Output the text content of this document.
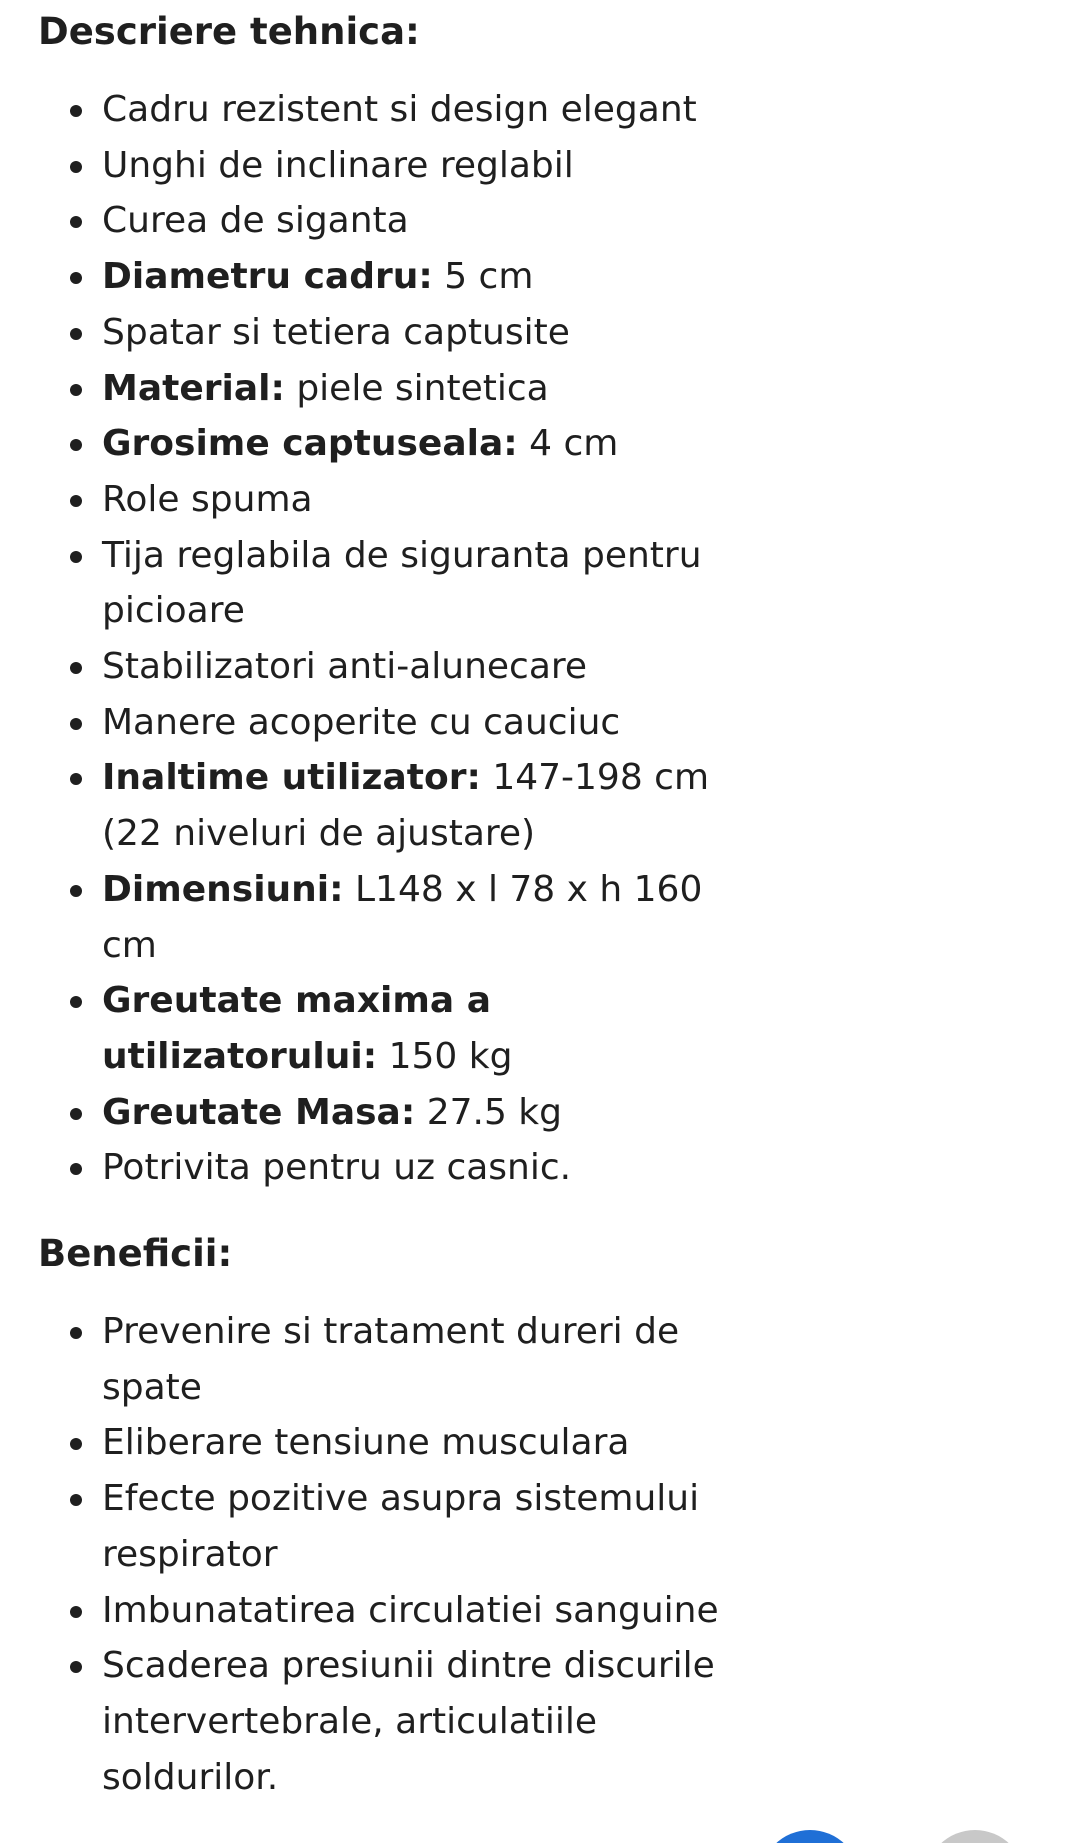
Descriere tehnica:
Cadru rezistent si design elegant
Unghi de inclinare reglabil
Curea de siganta
Diametru cadru: 5 cm
Spatar si tetiera captusite
Material: piele sintetica
Grosime captuseala: 4 cm
Role spuma
Tija reglabila de siguranta pentru picioare
Stabilizatori anti-alunecare
Manere acoperite cu cauciuc
Inaltime utilizator: 147-198 cm (22 niveluri de ajustare)
Dimensiuni: L148 x l 78 x h 160 cm
Greutate maxima a utilizatorului: 150 kg
Greutate Masa: 27.5 kg
Potrivita pentru uz casnic.
Beneficii:
Prevenire si tratament dureri de spate
Eliberare tensiune musculara
Efecte pozitive asupra sistemului respirator
Imbunatatirea circulatiei sanguine
Scaderea presiunii dintre discurile intervertebrale, articulatiile soldurilor.
